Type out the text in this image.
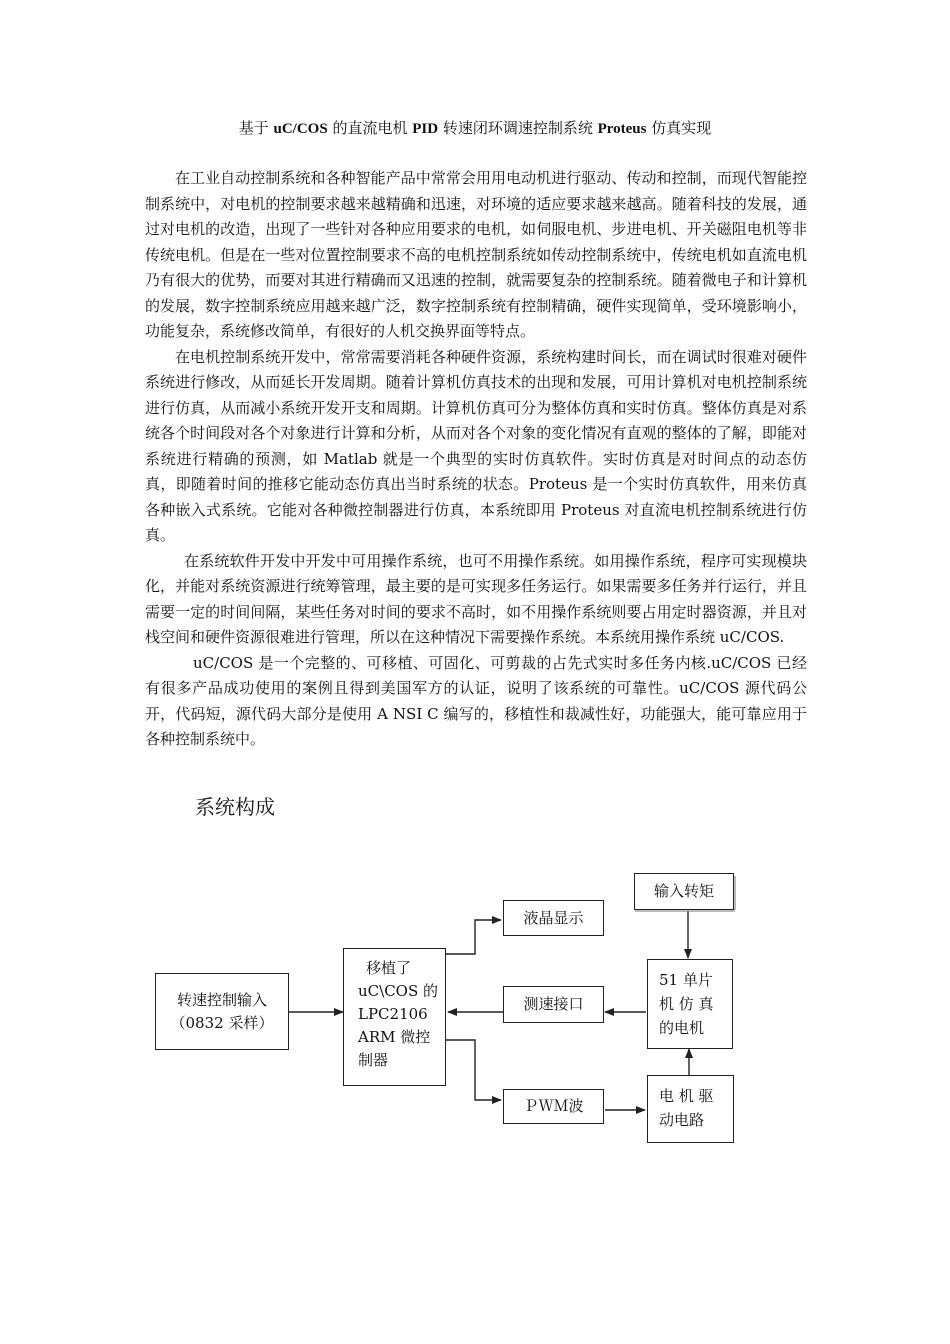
基于 uC/COS 的直流电机 PID 转速闭环调速控制系统 Proteus 仿真实现

在工业自动控制系统和各种智能产品中常常会用用电动机进行驱动、传动和控制，而现代智能控制系统中，对电机的控制要求越来越精确和迅速，对环境的适应要求越来越高。随着科技的发展，通过对电机的改造，出现了一些针对各种应用要求的电机，如伺服电机、步进电机、开关磁阻电机等非传统电机。但是在一些对位置控制要求不高的电机控制系统如传动控制系统中，传统电机如直流电机乃有很大的优势，而要对其进行精确而又迅速的控制，就需要复杂的控制系统。随着微电子和计算机的发展，数字控制系统应用越来越广泛，数字控制系统有控制精确，硬件实现简单，受环境影响小，功能复杂，系统修改简单，有很好的人机交换界面等特点。

在电机控制系统开发中，常常需要消耗各种硬件资源，系统构建时间长，而在调试时很难对硬件系统进行修改，从而延长开发周期。随着计算机仿真技术的出现和发展，可用计算机对电机控制系统进行仿真，从而减小系统开发开支和周期。计算机仿真可分为整体仿真和实时仿真。整体仿真是对系统各个时间段对各个对象进行计算和分析，从而对各个对象的变化情况有直观的整体的了解，即能对系统进行精确的预测，如 Matlab 就是一个典型的实时仿真软件。实时仿真是对时间点的动态仿真，即随着时间的推移它能动态仿真出当时系统的状态。Proteus 是一个实时仿真软件，用来仿真各种嵌入式系统。它能对各种微控制器进行仿真，本系统即用 Proteus 对直流电机控制系统进行仿真。

在系统软件开发中开发中可用操作系统，也可不用操作系统。如用操作系统，程序可实现模块化，并能对系统资源进行统筹管理，最主要的是可实现多任务运行。如果需要多任务并行运行，并且需要一定的时间间隔，某些任务对时间的要求不高时，如不用操作系统则要占用定时器资源，并且对栈空间和硬件资源很难进行管理，所以在这种情况下需要操作系统。本系统用操作系统 uC/COS.

uC/COS 是一个完整的、可移植、可固化、可剪裁的占先式实时多任务内核.uC/COS 已经有很多产品成功使用的案例且得到美国军方的认证，说明了该系统的可靠性。uC/COS 源代码公开，代码短，源代码大部分是使用 A NSI C 编写的，移植性和裁减性好，功能强大，能可靠应用于各种控制系统中。

系统构成
转速控制输入
（0832 采样）
移植了
uC\COS 的
LPC2106
ARM 微控
制器
液晶显示
测速接口
ＰＷＭ波
输入转矩
51 单片
机 仿 真
的电机
电 机 驱
动电路
